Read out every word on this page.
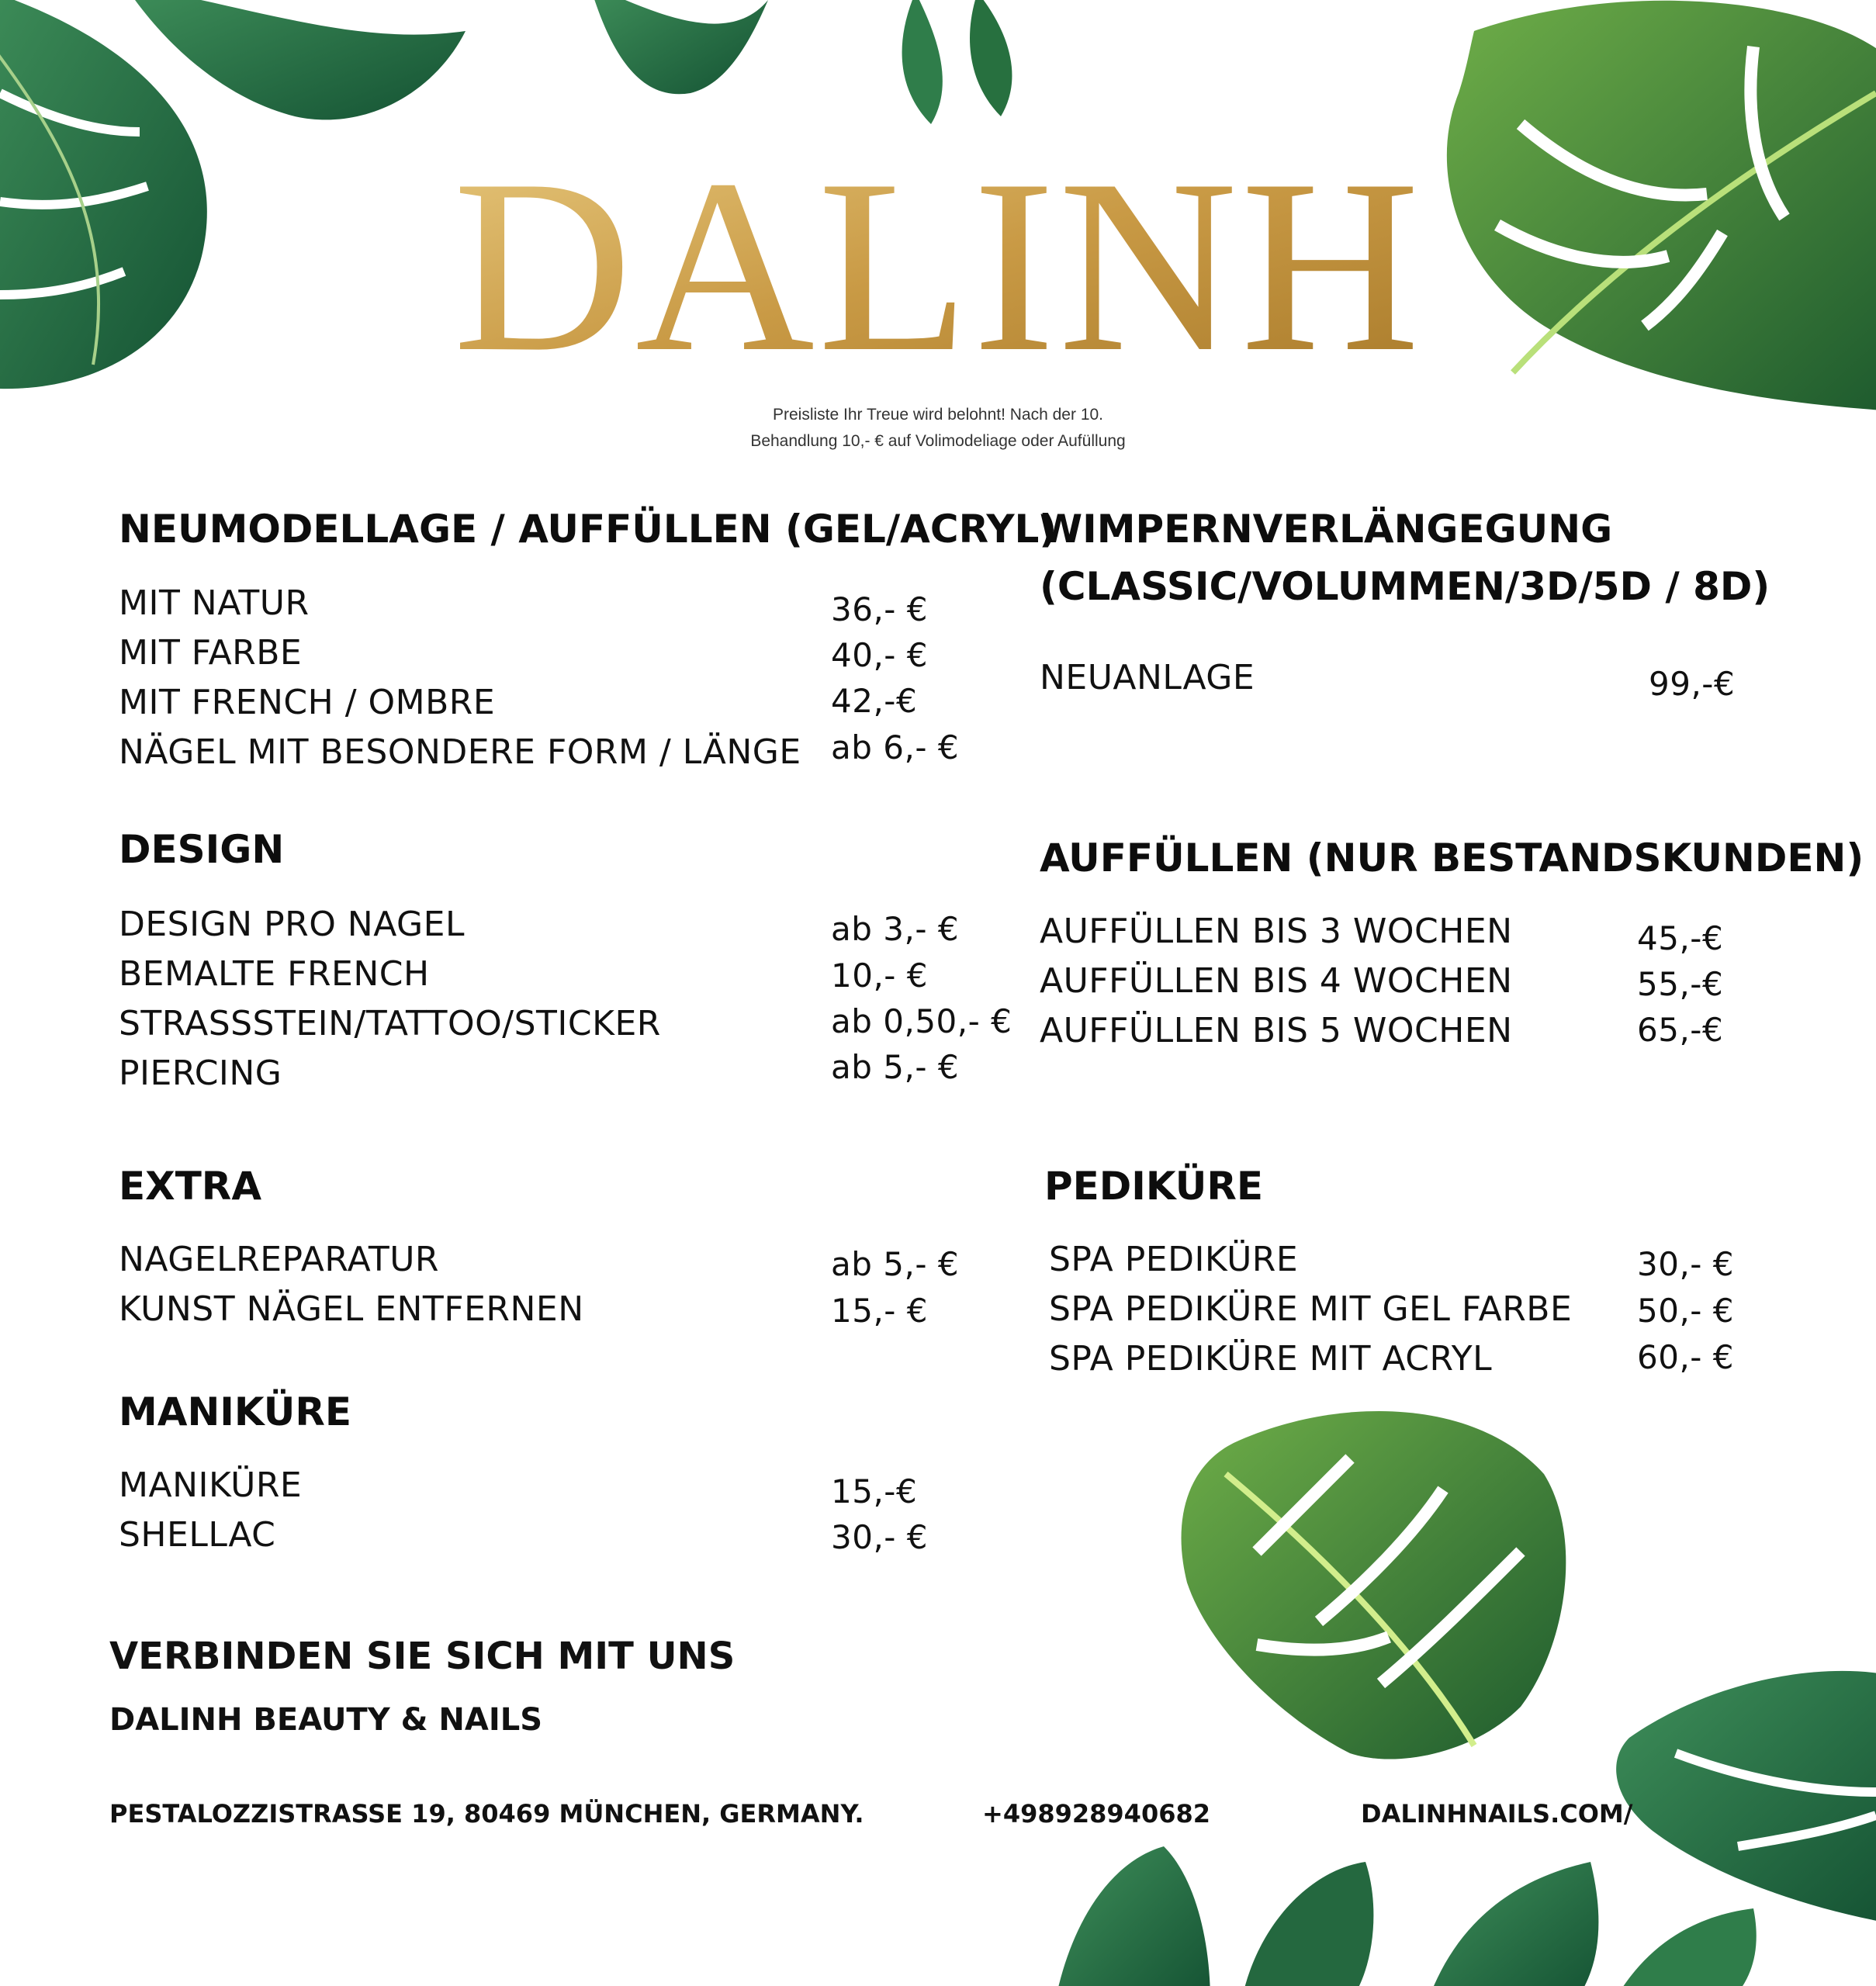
DALINH
Preisliste Ihr Treue wird belohnt! Nach der 10.
Behandlung 10,- € auf Volimodeliage oder Aufüllung
NEUMODELLAGE / AUFFÜLLEN (GEL/ACRYL)
MIT NATUR	36,- €
MIT FARBE	40,- €
MIT FRENCH / OMBRE	42,-€
NÄGEL MIT BESONDERE FORM / LÄNGE ab 6,- €
DESIGN
DESIGN PRO NAGEL	ab 3,- €
BEMALTE FRENCH	10,- €
STRASSSTEIN/TATTOO/STICKER	ab 0,50,- €
PIERCING	ab 5,- €
EXTRA
NAGELREPARATUR	ab 5,- €
KUNST NÄGEL ENTFERNEN	15,- €
MANIKÜRE
MANIKÜRE	15,-€
SHELLAC	30,- €
WIMPERNVERLÄNGEGUNG
(CLASSIC/VOLUMMEN/3D/5D / 8D)
NEUANLAGE	99,-€
AUFFÜLLEN (NUR BESTANDSKUNDEN)
AUFFÜLLEN BIS 3 WOCHEN	45,-€
AUFFÜLLEN BIS 4 WOCHEN	55,-€
AUFFÜLLEN BIS 5 WOCHEN	65,-€
PEDIKÜRE
SPA PEDIKÜRE	30,- €
SPA PEDIKÜRE MIT GEL FARBE 50,- €
SPA PEDIKÜRE MIT ACRYL	60,- €
VERBINDEN SIE SICH MIT UNS
DALINH BEAUTY & NAILS
PESTALOZZISTRASSE 19, 80469 MÜNCHEN, GERMANY.	+498928940682	DALINHNAILS.COM/
